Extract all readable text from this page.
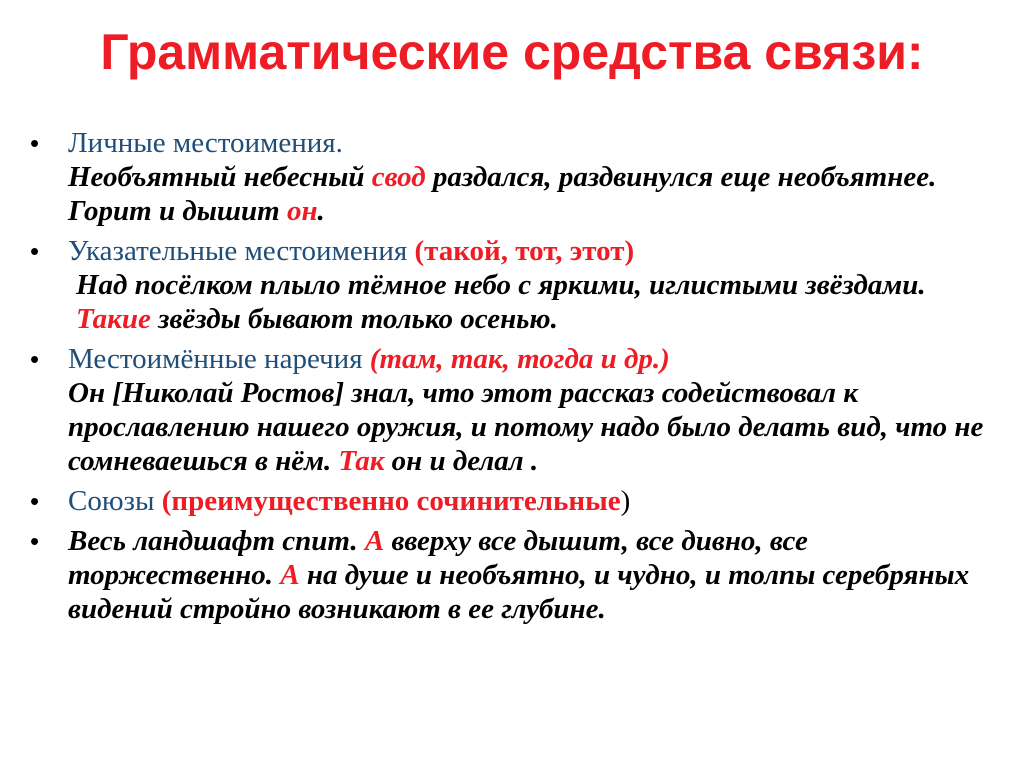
Грамматические средства связи:
• Личные местоимения.
Необъятный небесный свод раздался, раздвинулся еще необъятнее. Горит и дышит он.
• Указательные местоимения (такой, тот, этот)
Над посёлком плыло тёмное небо с яркими, иглистыми звёздами. Такие звёзды бывают только осенью.
• Местоимённые наречия (там, так, тогда и др.)
Он [Николай Ростов] знал, что этот рассказ содействовал к прославлению нашего оружия, и потому надо было делать вид, что не сомневаешься в нём. Так он и делал .
• Союзы (преимущественно сочинительные)
• Весь ландшафт спит. А вверху все дышит, все дивно, все торжественно. А на душе и необъятно, и чудно, и толпы серебряных видений стройно возникают в ее глубине.
